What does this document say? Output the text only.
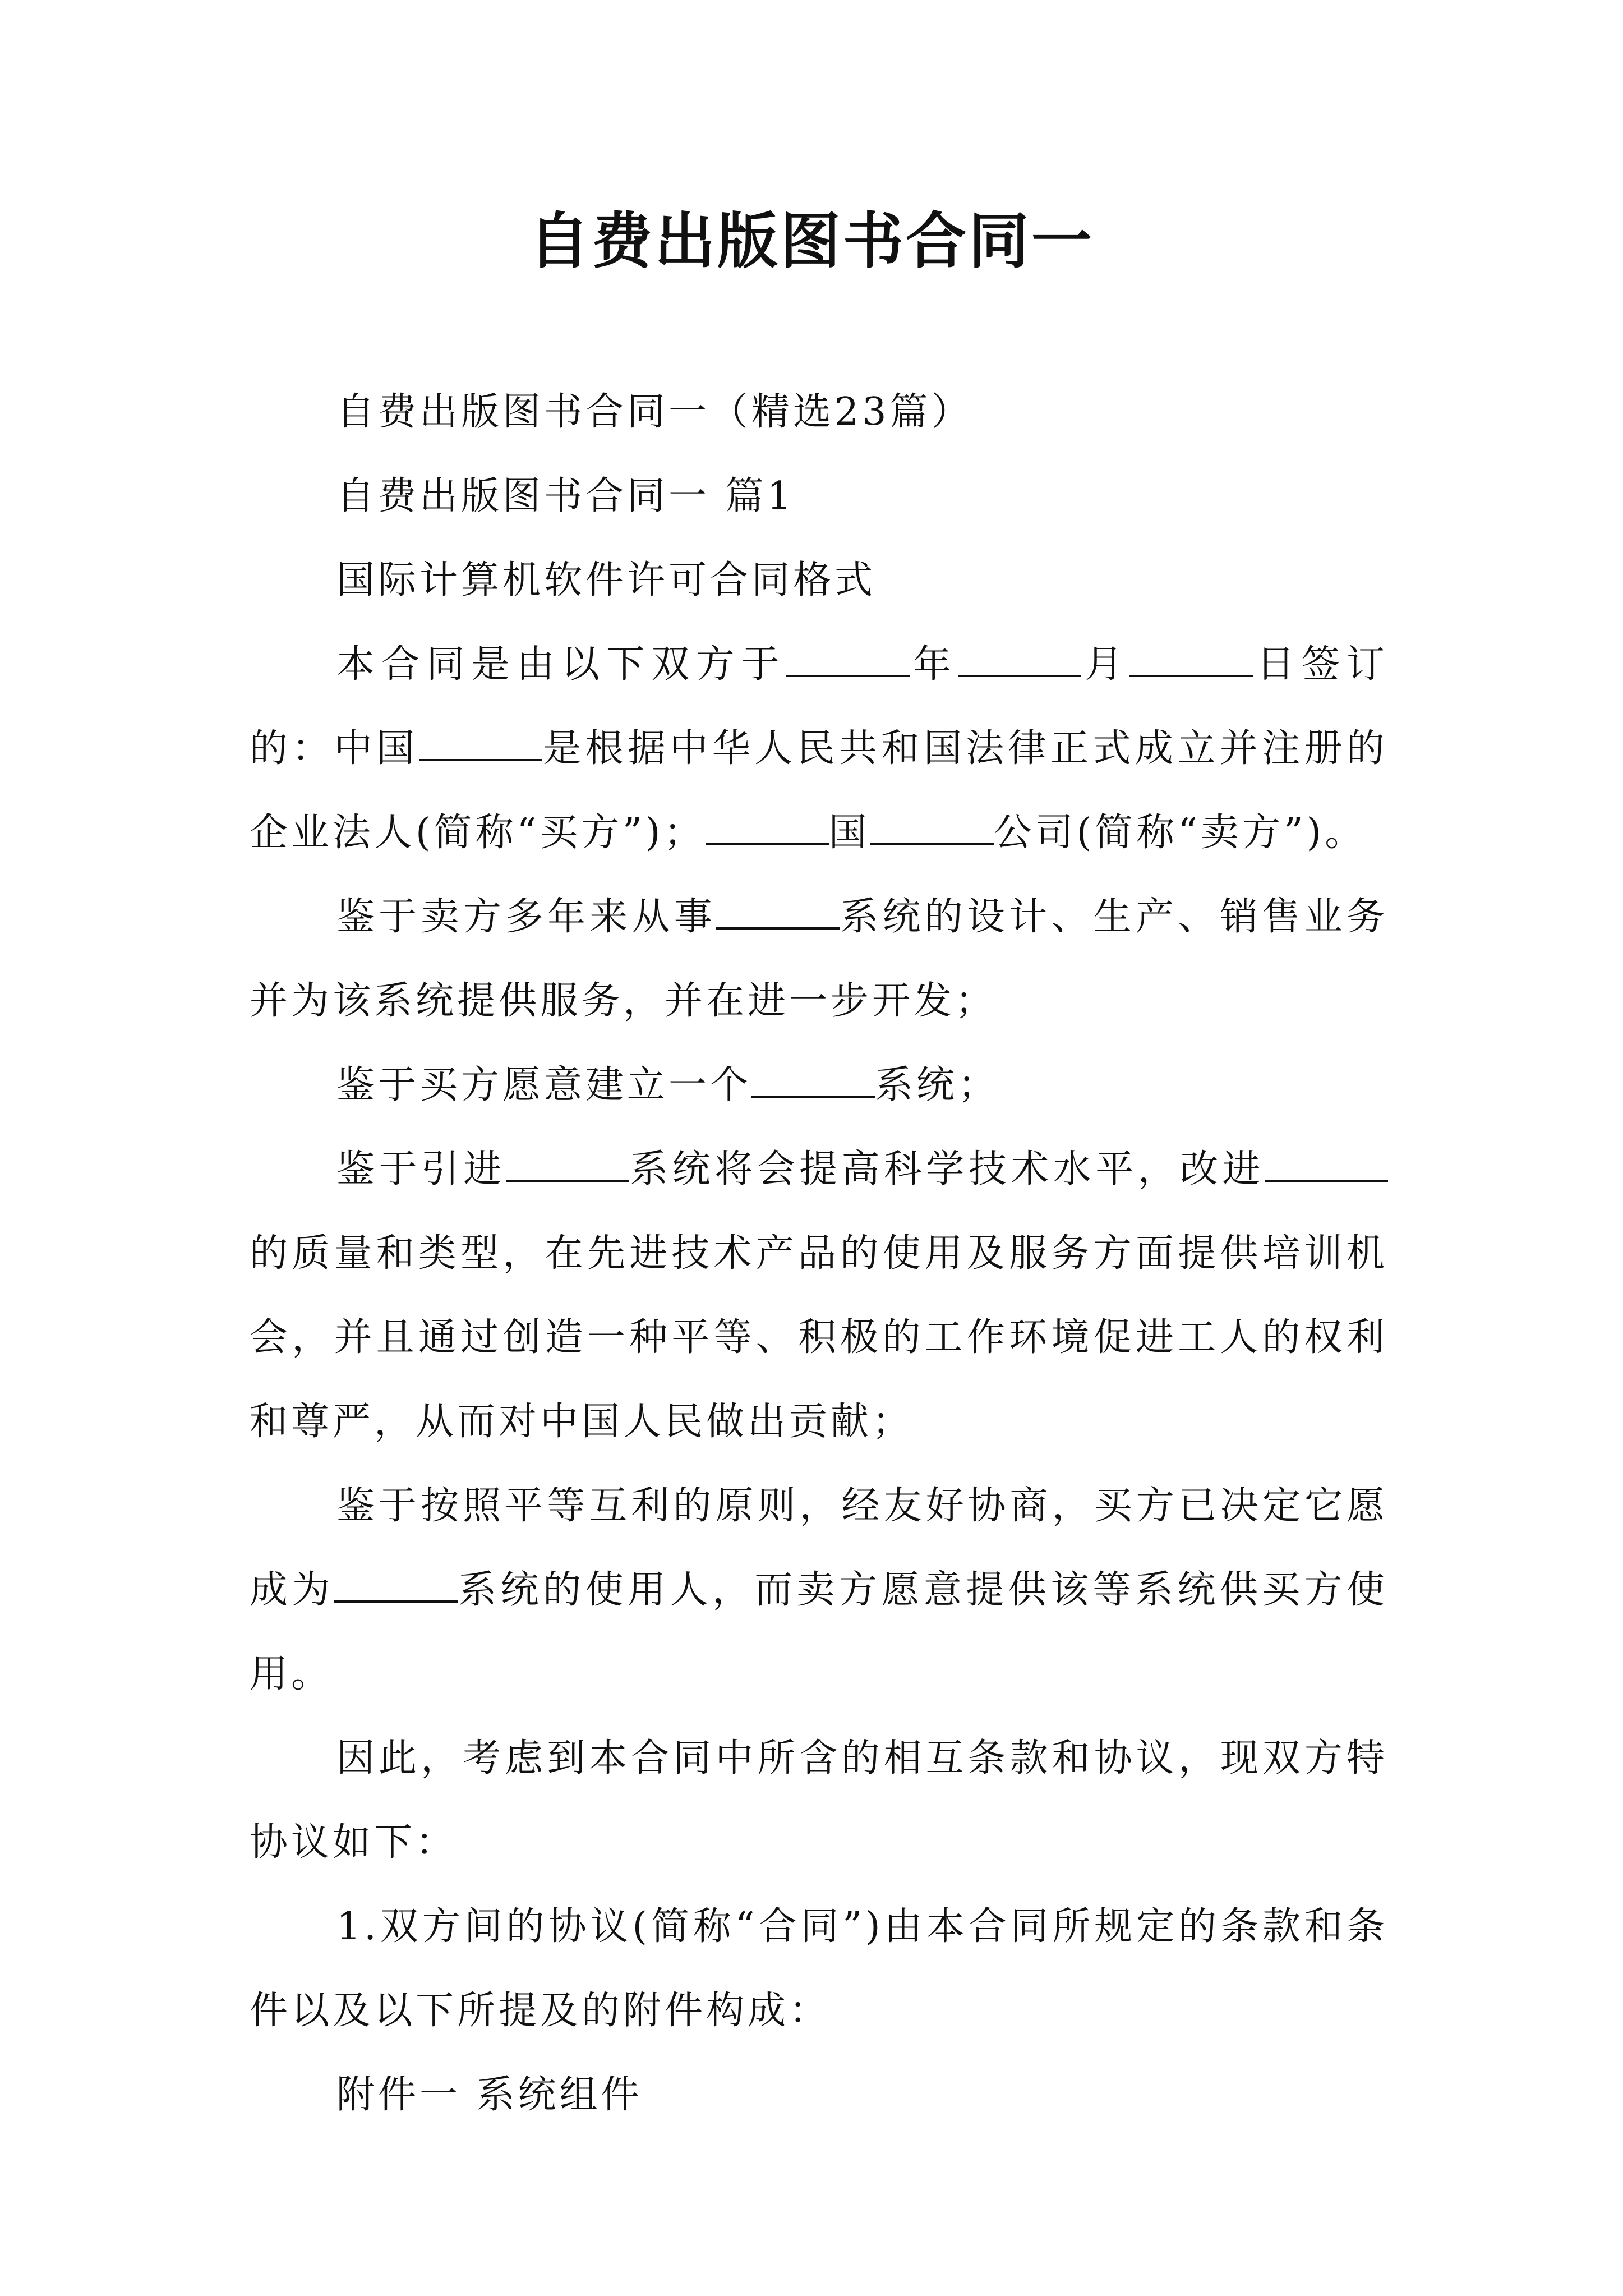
自费出版图书合同一

自费出版图书合同一（精选23篇）

自费出版图书合同一 篇1

国际计算机软件许可合同格式

本合同是由以下双方于	年	月	日签订的：中国	是根据中华人民共和国法律正式成立并注册的企业法人(简称“买方”)；	国	公司(简称“卖方”)。

鉴于卖方多年来从事	系统的设计、生产、销售业务并为该系统提供服务，并在进一步开发；

鉴于买方愿意建立一个	系统；

鉴于引进	系统将会提高科学技术水平，改进的质量和类型，在先进技术产品的使用及服务方面提供培训机会，并且通过创造一种平等、积极的工作环境促进工人的权利和尊严，从而对中国人民做出贡献；

鉴于按照平等互利的原则，经友好协商，买方已决定它愿成为	系统的使用人，而卖方愿意提供该等系统供买方使用。

因此，考虑到本合同中所含的相互条款和协议，现双方特协议如下：

1.双方间的协议(简称“合同”)由本合同所规定的条款和条件以及以下所提及的附件构成：

附件一 系统组件
